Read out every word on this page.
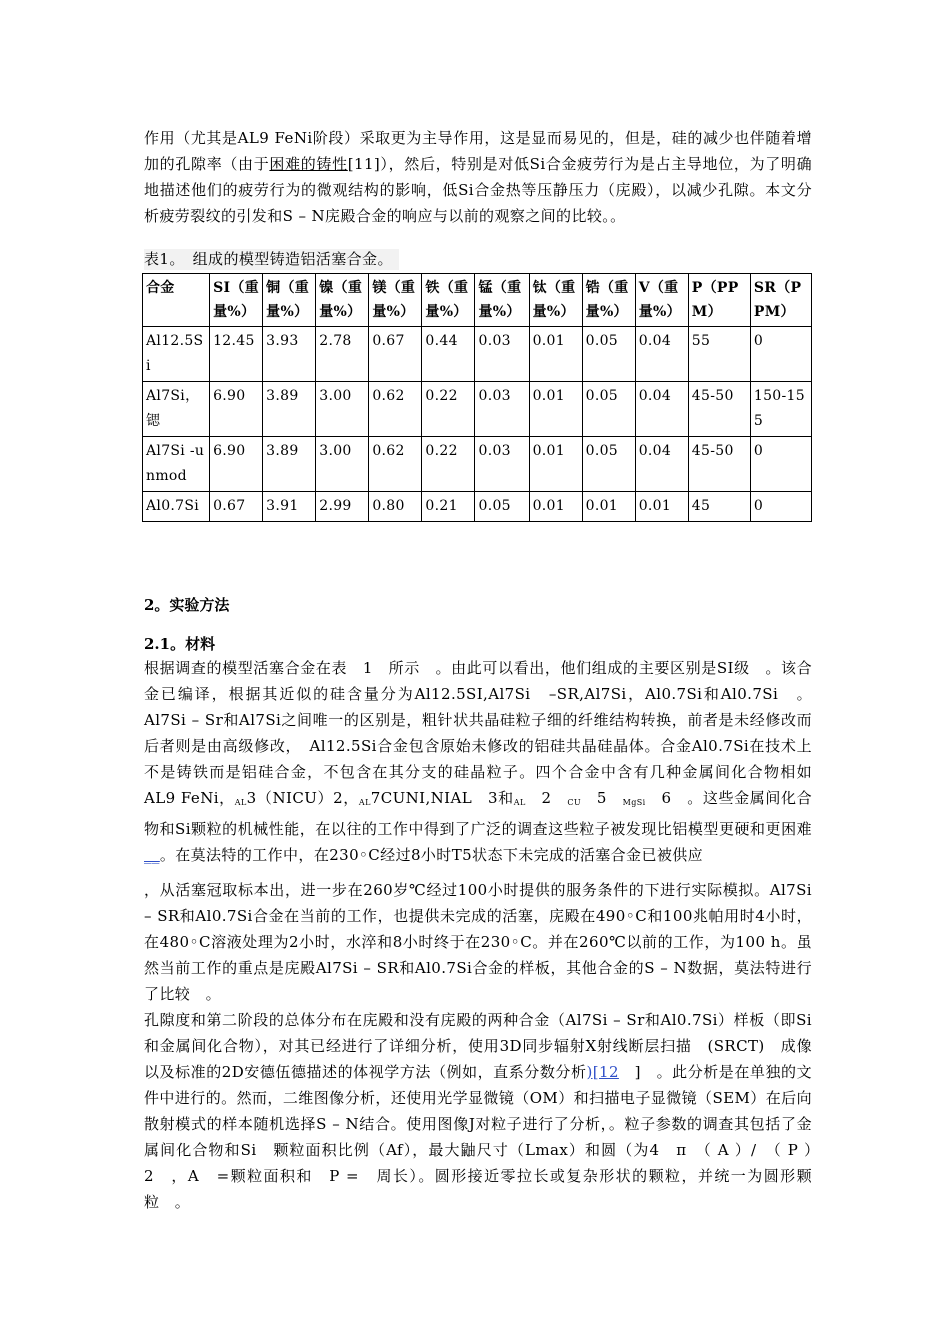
作用（尤其是AL9 FeNi阶段）采取更为主导作用，这是显而易见的，但是，硅的减少也伴随着增加的孔隙率（由于困难的铸性[11]），然后，特别是对低Si合金疲劳行为是占主导地位，为了明确地描述他们的疲劳行为的微观结构的影响，低Si合金热等压静压力（庑殿），以减少孔隙。本文分析疲劳裂纹的引发和S – N庑殿合金的响应与以前的观察之间的比较。。

表1。　组成的模型铸造铝活塞合金。
合金	SI（重量%）	铜（重量%）	镍（重量%）	镁（重量%）	铁（重量%）	锰（重量%）	钛（重量%）	锆（重量%）	V（重量%）	P（PPM）	SR（PPM）
Al12.5Si	12.45	3.93	2.78	0.67	0.44	0.03	0.01	0.05	0.04	55	0
Al7Si，锶	6.90	3.89	3.00	0.62	0.22	0.03	0.01	0.05	0.04	45-50	150-155
Al7Si -unmod	6.90	3.89	3.00	0.62	0.22	0.03	0.01	0.05	0.04	45-50	0
Al0.7Si	0.67	3.91	2.99	0.80	0.21	0.05	0.01	0.01	0.01	45	0
2。实验方法
2.1。材料

根据调查的模型活塞合金在表　1　所示　。由此可以看出，他们组成的主要区别是SI级　。该合金已编译，根据其近似的硅含量分为Al12.5SI,Al7Si　–SR,Al7Si，Al0.7Si和Al0.7Si　。Al7Si – Sr和Al7Si之间唯一的区别是，粗针状共晶硅粒子细的纤维结构转换，前者是未经修改而后者则是由高级修改，　Al12.5Si合金包含原始未修改的铝硅共晶硅晶体。合金Al0.7Si在技术上不是铸铁而是铝硅合金，不包含在其分支的硅晶粒子。四个合金中含有几种金属间化合物相如　AL9 FeNi，$_{AL}$3（NICU）2，$_{AL}$7CUNI,NIAL　3和$_{AL}$　2　$_{CU}$　5　$_{MgSi}$　6　。这些金属间化合物和Si颗粒的机械性能，在以往的工作中得到了广泛的调查这些粒子被发现比铝模型更硬和更困难__。在莫法特的工作中，在230◦C经过8小时T5状态下未完成的活塞合金已被供应

，从活塞冠取标本出，进一步在260岁℃经过100小时提供的服务条件的下进行实际模拟。Al7Si – SR和Al0.7Si合金在当前的工作，也提供未完成的活塞，庑殿在490◦C和100兆帕用时4小时，在480◦C溶液处理为2小时，水淬和8小时终于在230◦C。并在260℃以前的工作，为100 h。虽然当前工作的重点是庑殿Al7Si – SR和Al0.7Si合金的样板，其他合金的S – N数据，莫法特进行了比较　。

孔隙度和第二阶段的总体分布在庑殿和没有庑殿的两种合金（Al7Si – Sr和Al0.7Si）样板（即Si和金属间化合物），对其已经进行了详细分析，使用3D同步辐射X射线断层扫描　(SRCT)　成像以及标准的2D安德伍德描述的体视学方法（例如，直系分数分析)[12　]　。此分析是在单独的文件中进行的。然而，二维图像分析，还使用光学显微镜（OM）和扫描电子显微镜（SEM）在后向散射模式的样本随机选择S – N结合。使用图像J对粒子进行了分析，。粒子参数的调查其包括了金属间化合物和Si　颗粒面积比例（Af），最大鼬尺寸（Lmax）和圆（为4　π　（ A ）/　（ P ）　2　，A　=颗粒面积和　P =　周长）。圆形接近零拉长或复杂形状的颗粒，并统一为圆形颗粒　。
